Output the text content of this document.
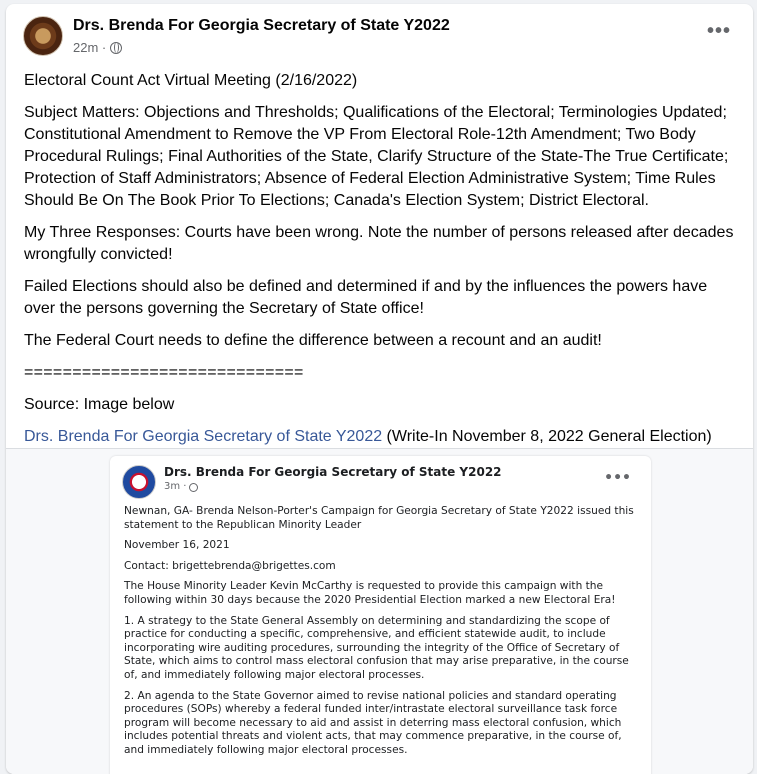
Drs. Brenda For Georgia Secretary of State Y2022
22m ·
•••

Electoral Count Act Virtual Meeting (2/16/2022)

Subject Matters: Objections and Thresholds; Qualifications of the Electoral; Terminologies Updated; Constitutional Amendment to Remove the VP From Electoral Role-12th Amendment; Two Body Procedural Rulings; Final Authorities of the State, Clarify Structure of the State-The True Certificate; Protection of Staff Administrators; Absence of Federal Election Administrative System; Time Rules Should Be On The Book Prior To Elections; Canada's Election System; District Electoral.

My Three Responses: Courts have been wrong. Note the number of persons released after decades wrongfully convicted!

Failed Elections should also be defined and determined if and by the influences the powers have over the persons governing the Secretary of State office!

The Federal Court needs to define the difference between a recount and an audit!

=============================

Source: Image below

Drs. Brenda For Georgia Secretary of State Y2022 (Write-In November 8, 2022 General Election)

Drs. Brenda For Georgia Secretary of State Y2022
3m ·
•••

Newnan, GA- Brenda Nelson-Porter's Campaign for Georgia Secretary of State Y2022 issued this statement to the Republican Minority Leader

November 16, 2021

Contact: brigettebrenda@brigettes.com

The House Minority Leader Kevin McCarthy is requested to provide this campaign with the following within 30 days because the 2020 Presidential Election marked a new Electoral Era!

1. A strategy to the State General Assembly on determining and standardizing the scope of practice for conducting a specific, comprehensive, and efficient statewide audit, to include incorporating wire auditing procedures, surrounding the integrity of the Office of Secretary of State, which aims to control mass electoral confusion that may arise preparative, in the course of, and immediately following major electoral processes.

2. An agenda to the State Governor aimed to revise national policies and standard operating procedures (SOPs) whereby a federal funded inter/intrastate electoral surveillance task force program will become necessary to aid and assist in deterring mass electoral confusion, which includes potential threats and violent acts, that may commence preparative, in the course of, and immediately following major electoral processes.
